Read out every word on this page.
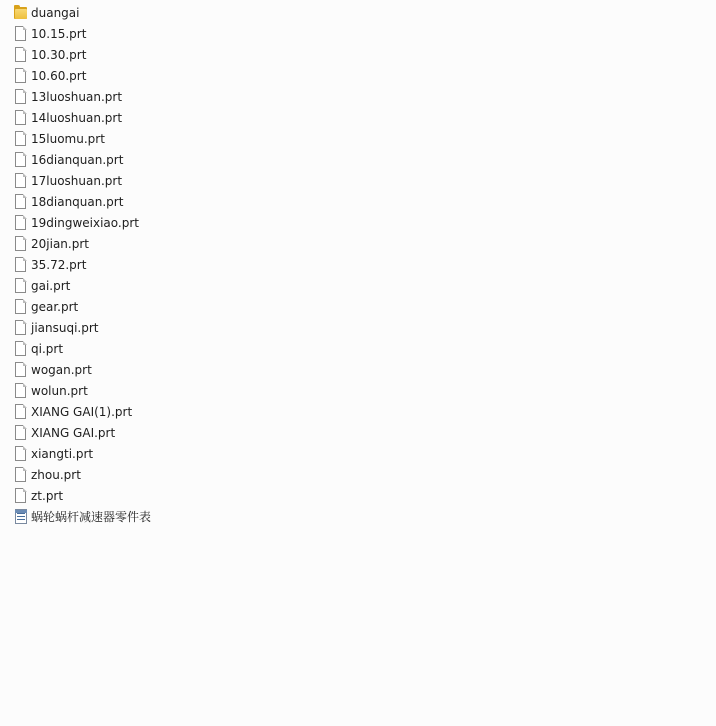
duangai
10.15.prt
10.30.prt
10.60.prt
13luoshuan.prt
14luoshuan.prt
15luomu.prt
16dianquan.prt
17luoshuan.prt
18dianquan.prt
19dingweixiao.prt
20jian.prt
35.72.prt
gai.prt
gear.prt
jiansuqi.prt
qi.prt
wogan.prt
wolun.prt
XIANG GAI(1).prt
XIANG GAI.prt
xiangti.prt
zhou.prt
zt.prt
蜗轮蜗杆减速器零件表
